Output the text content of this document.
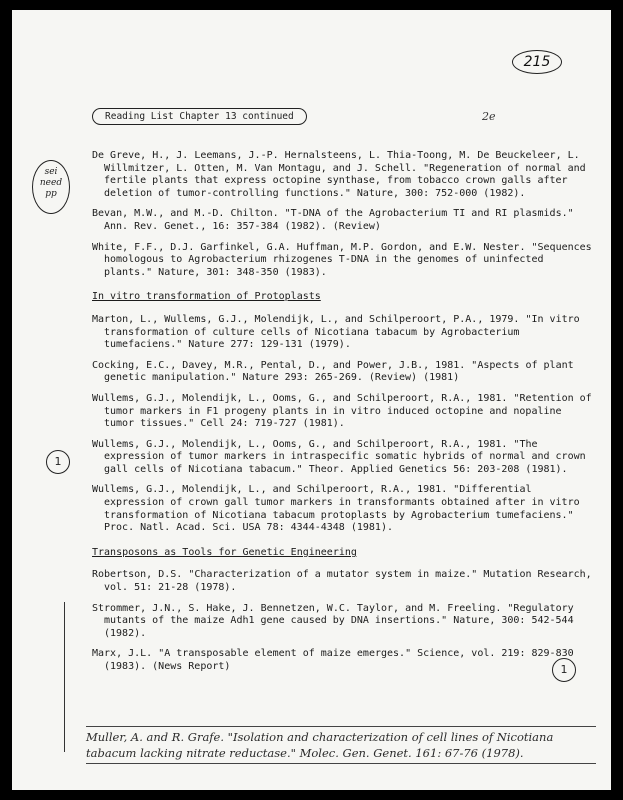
215
Reading List Chapter 13 continued	2e
sei need pp
1
1
De Greve, H., J. Leemans, J.-P. Hernalsteens, L. Thia-Toong, M. De Beuckeleer, L. Willmitzer, L. Otten, M. Van Montagu, and J. Schell. "Regeneration of normal and fertile plants that express octopine synthase, from tobacco crown galls after deletion of tumor-controlling functions." Nature, 300: 752-000 (1982).
Bevan, M.W., and M.-D. Chilton. "T-DNA of the Agrobacterium TI and RI plasmids." Ann. Rev. Genet., 16: 357-384 (1982). (Review)
White, F.F., D.J. Garfinkel, G.A. Huffman, M.P. Gordon, and E.W. Nester. "Sequences homologous to Agrobacterium rhizogenes T-DNA in the genomes of uninfected plants." Nature, 301: 348-350 (1983).
In vitro transformation of Protoplasts
Marton, L., Wullems, G.J., Molendijk, L., and Schilperoort, P.A., 1979. "In vitro transformation of culture cells of Nicotiana tabacum by Agrobacterium tumefaciens." Nature 277: 129-131 (1979).
Cocking, E.C., Davey, M.R., Pental, D., and Power, J.B., 1981. "Aspects of plant genetic manipulation." Nature 293: 265-269. (Review) (1981)
Wullems, G.J., Molendijk, L., Ooms, G., and Schilperoort, R.A., 1981. "Retention of tumor markers in F1 progeny plants in in vitro induced octopine and nopaline tumor tissues." Cell 24: 719-727 (1981).
Wullems, G.J., Molendijk, L., Ooms, G., and Schilperoort, R.A., 1981. "The expression of tumor markers in intraspecific somatic hybrids of normal and crown gall cells of Nicotiana tabacum." Theor. Applied Genetics 56: 203-208 (1981).
Wullems, G.J., Molendijk, L., and Schilperoort, R.A., 1981. "Differential expression of crown gall tumor markers in transformants obtained after in vitro transformation of Nicotiana tabacum protoplasts by Agrobacterium tumefaciens." Proc. Natl. Acad. Sci. USA 78: 4344-4348 (1981).
Transposons as Tools for Genetic Engineering
Robertson, D.S. "Characterization of a mutator system in maize." Mutation Research, vol. 51: 21-28 (1978).
Strommer, J.N., S. Hake, J. Bennetzen, W.C. Taylor, and M. Freeling. "Regulatory mutants of the maize Adh1 gene caused by DNA insertions." Nature, 300: 542-544 (1982).
Marx, J.L. "A transposable element of maize emerges." Science, vol. 219: 829-830 (1983). (News Report)
Muller, A. and R. Grafe. "Isolation and characterization of cell lines of Nicotiana tabacum lacking nitrate reductase." Molec. Gen. Genet. 161: 67-76 (1978).
